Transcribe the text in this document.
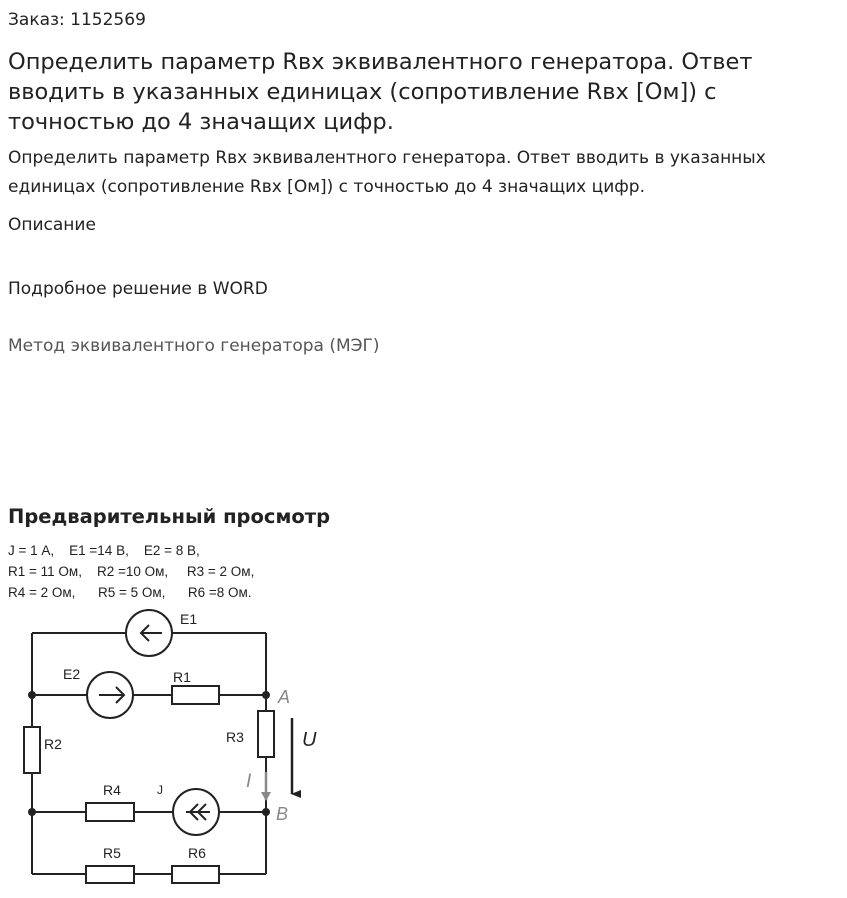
Заказ: 1152569
Определить параметр Rвх эквивалентного генератора. Ответ вводить в указанных единицах (сопротивление Rвх [Ом]) с точностью до 4 значащих цифр.
Определить параметр Rвх эквивалентного генератора. Ответ вводить в указанных единицах (сопротивление Rвх [Ом]) с точностью до 4 значащих цифр.
Описание
Подробное решение в WORD
Метод эквивалентного генератора (МЭГ)
Предварительный просмотр
J = 1 А,    E1 =14 В,    E2 = 8 В,
R1 = 11 Ом,    R2 =10 Ом,     R3 = 2 Ом,
R4 = 2 Ом,      R5 = 5 Ом,      R6 =8 Ом.
E1
E2	R1
R2	R3
R4
R5	R6
J
A
B
I
U
